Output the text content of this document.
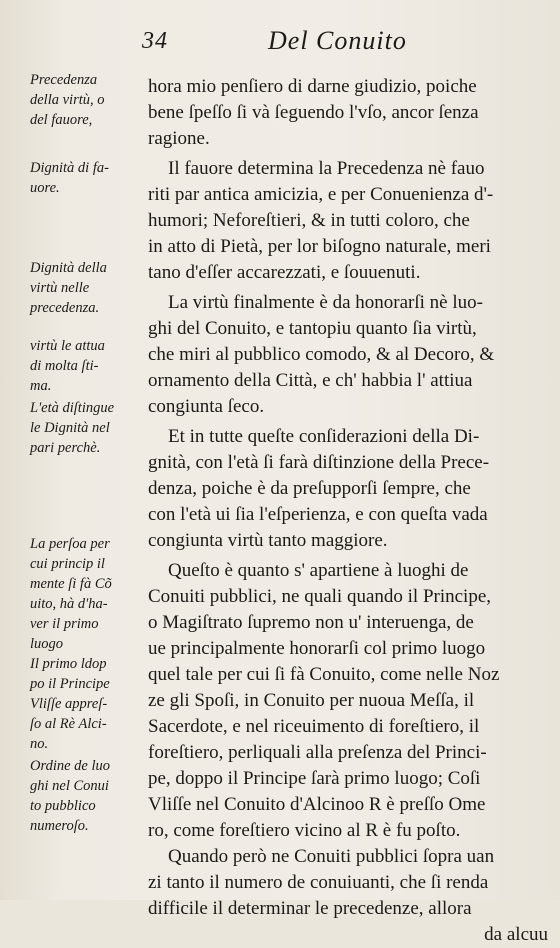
34	Del Conuito
Precedenza
della virtù, o
del fauore,
Dignità di fa-
uore.
Dignità della
virtù nelle
precedenza.
virtù le attua
di molta ſti-
ma.
L'età diſtingue
le Dignità nel
pari perchè.
La perſoa per
cui princip il
mente ſi fà Cõ
uito, hà d'ha-
ver il primo
luogo
Il primo ldop
po il Principe
Vliſſe appreſ-
ſo al Rè Alci-
no.
Ordine de luo
ghi nel Conui
to pubblico
numeroſo.
hora mio penſiero di darne giudizio, poiche
bene ſpeſſo ſi và ſeguendo l'vſo, ancor ſenza
ragione.
Il fauore determina la Precedenza nè fauo
riti par antica amicizia, e per Conuenienza d'-
humori; Neforeſtieri, & in tutti coloro, che
in atto di Pietà, per lor biſogno naturale, meri
tano d'eſſer accarezzati, e ſouuenuti.
La virtù finalmente è da honorarſi nè luo-
ghi del Conuito, e tantopiu quanto ſia virtù,
che miri al pubblico comodo, & al Decoro, &
ornamento della Città, e ch' habbia l' attiua
congiunta ſeco.
Et in tutte queſte conſiderazioni della Di-
gnità, con l'età ſi farà diſtinzione della Prece-
denza, poiche è da preſupporſi ſempre, che
con l'età ui ſia l'eſperienza, e con queſta vada
congiunta virtù tanto maggiore.
Queſto è quanto s' apartiene à luoghi de
Conuiti pubblici, ne quali quando il Principe,
o Magiſtrato ſupremo non u' interuenga, de
ue principalmente honorarſi col primo luogo
quel tale per cui ſi fà Conuito, come nelle Noz
ze gli Spoſi, in Conuito per nuoua Meſſa, il
Sacerdote, e nel riceuimento di foreſtiero, il
foreſtiero, perliquali alla preſenza del Princi-
pe, doppo il Principe ſarà primo luogo; Coſi
Vliſſe nel Conuito d'Alcinoo R è preſſo Ome
ro, come foreſtiero vicino al R è fu poſto.
Quando però ne Conuiti pubblici ſopra uan
zi tanto il numero de conuiuanti, che ſi renda
difficile il determinar le precedenze, allora
da alcuu
